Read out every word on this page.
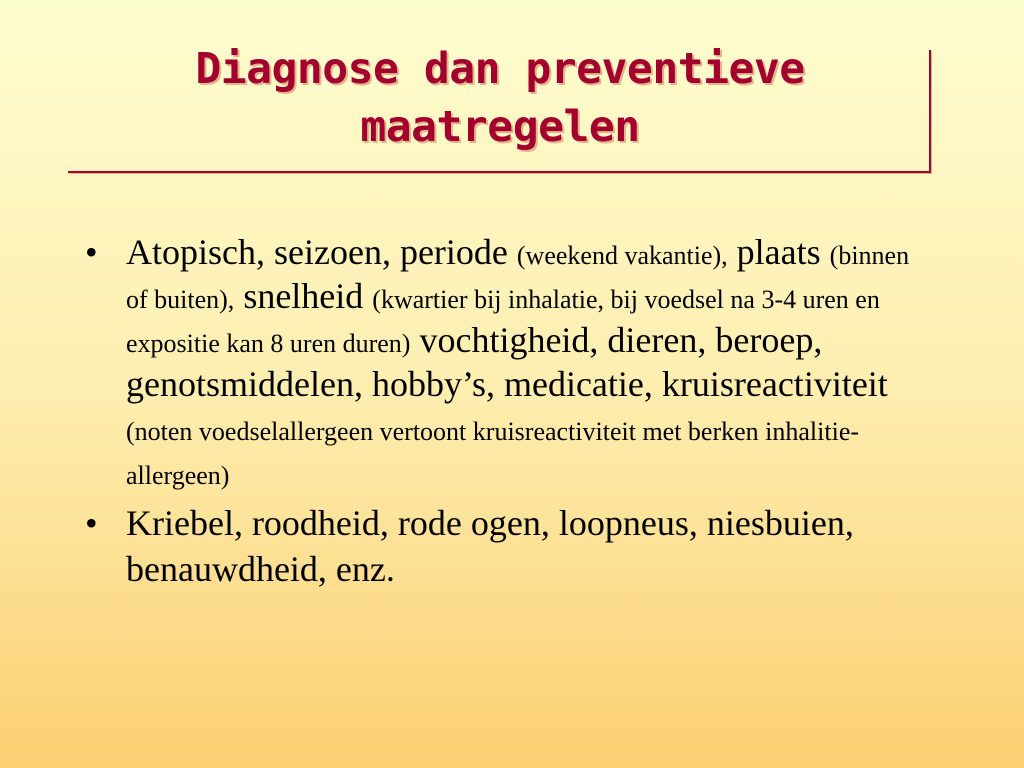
Diagnose dan preventieve
maatregelen
• Atopisch, seizoen, periode (weekend vakantie), plaats (binnen of buiten), snelheid (kwartier bij inhalatie, bij voedsel na 3-4 uren en expositie kan 8 uren duren) vochtigheid, dieren, beroep, genotsmiddelen, hobby’s, medicatie, kruisreactiviteit (noten voedselallergeen vertoont kruisreactiviteit met berken inhalitie-allergeen)
• Kriebel, roodheid, rode ogen, loopneus, niesbuien, benauwdheid, enz.
